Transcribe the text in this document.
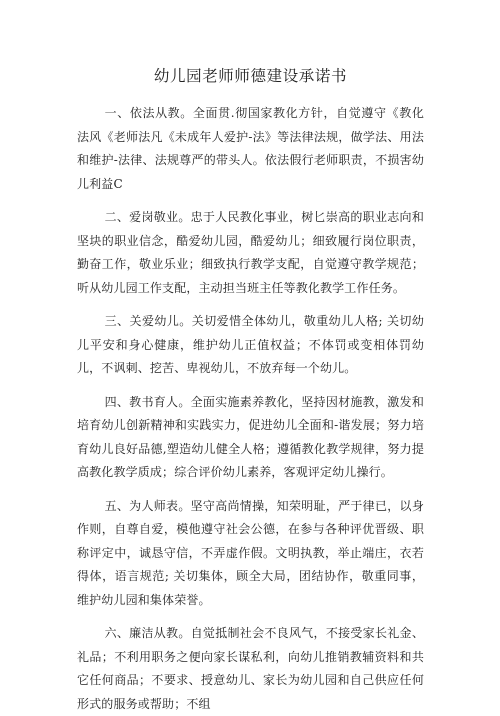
幼儿园老师师德建设承诺书

一、依法从教。全面贯.彻国家教化方针，自觉遵守《教化法风《老师法凡《未成年人爱护-法》等法律法规，做学法、用法和维护-法律、法规尊严的带头人。依法假行老师职责，不损害幼儿利益C

二、爱岗敬业。忠于人民教化事业，树匕崇高的职业志向和坚块的职业信念，酷爱幼儿园，酷爱幼儿；细致履行岗位职责，勤奋工作，敬业乐业；细致执行教学支配，自觉遵守教学规范；听从幼儿园工作支配，主动担当班主任等教化教学工作任务。

三、关爱幼儿。关切爱惜全体幼儿，敬重幼儿人格; 关切幼儿平安和身心健康，维护幼儿正值权益；不体罚或变相体罚幼儿，不讽刺、挖苦、卑视幼儿，不放弃每一个幼儿。

四、教书育人。全面实施素养教化，坚持因材施教，激发和培育幼儿创新精神和实践实力，促进幼儿全面和-谐发展；努力培育幼儿良好品德,塑造幼儿健全人格；遵循教化教学规律，努力提高教化教学质成；综合评价幼儿素养，客观评定幼儿操行。

五、为人师表。坚守高尚情操，知荣明耻，严于律已，以身作则，自尊自爱，模他遵守社会公德，在参与各种评优晋级、职称评定中，诚恳守信，不弄虚作假。文明执教，举止端庄，衣若得体，语言规范; 关切集体，顾全大局，团结协作，敬重同事，维护幼儿园和集体荣誉。

六、廉洁从教。自觉抵制社会不良风气，不接受家长礼金、礼品；不利用职务之便向家长谋私利，向幼儿推销教辅资料和共它任何商品；不要求、授意幼儿、家长为幼儿园和自己供应任何形式的服务或帮助；不组
